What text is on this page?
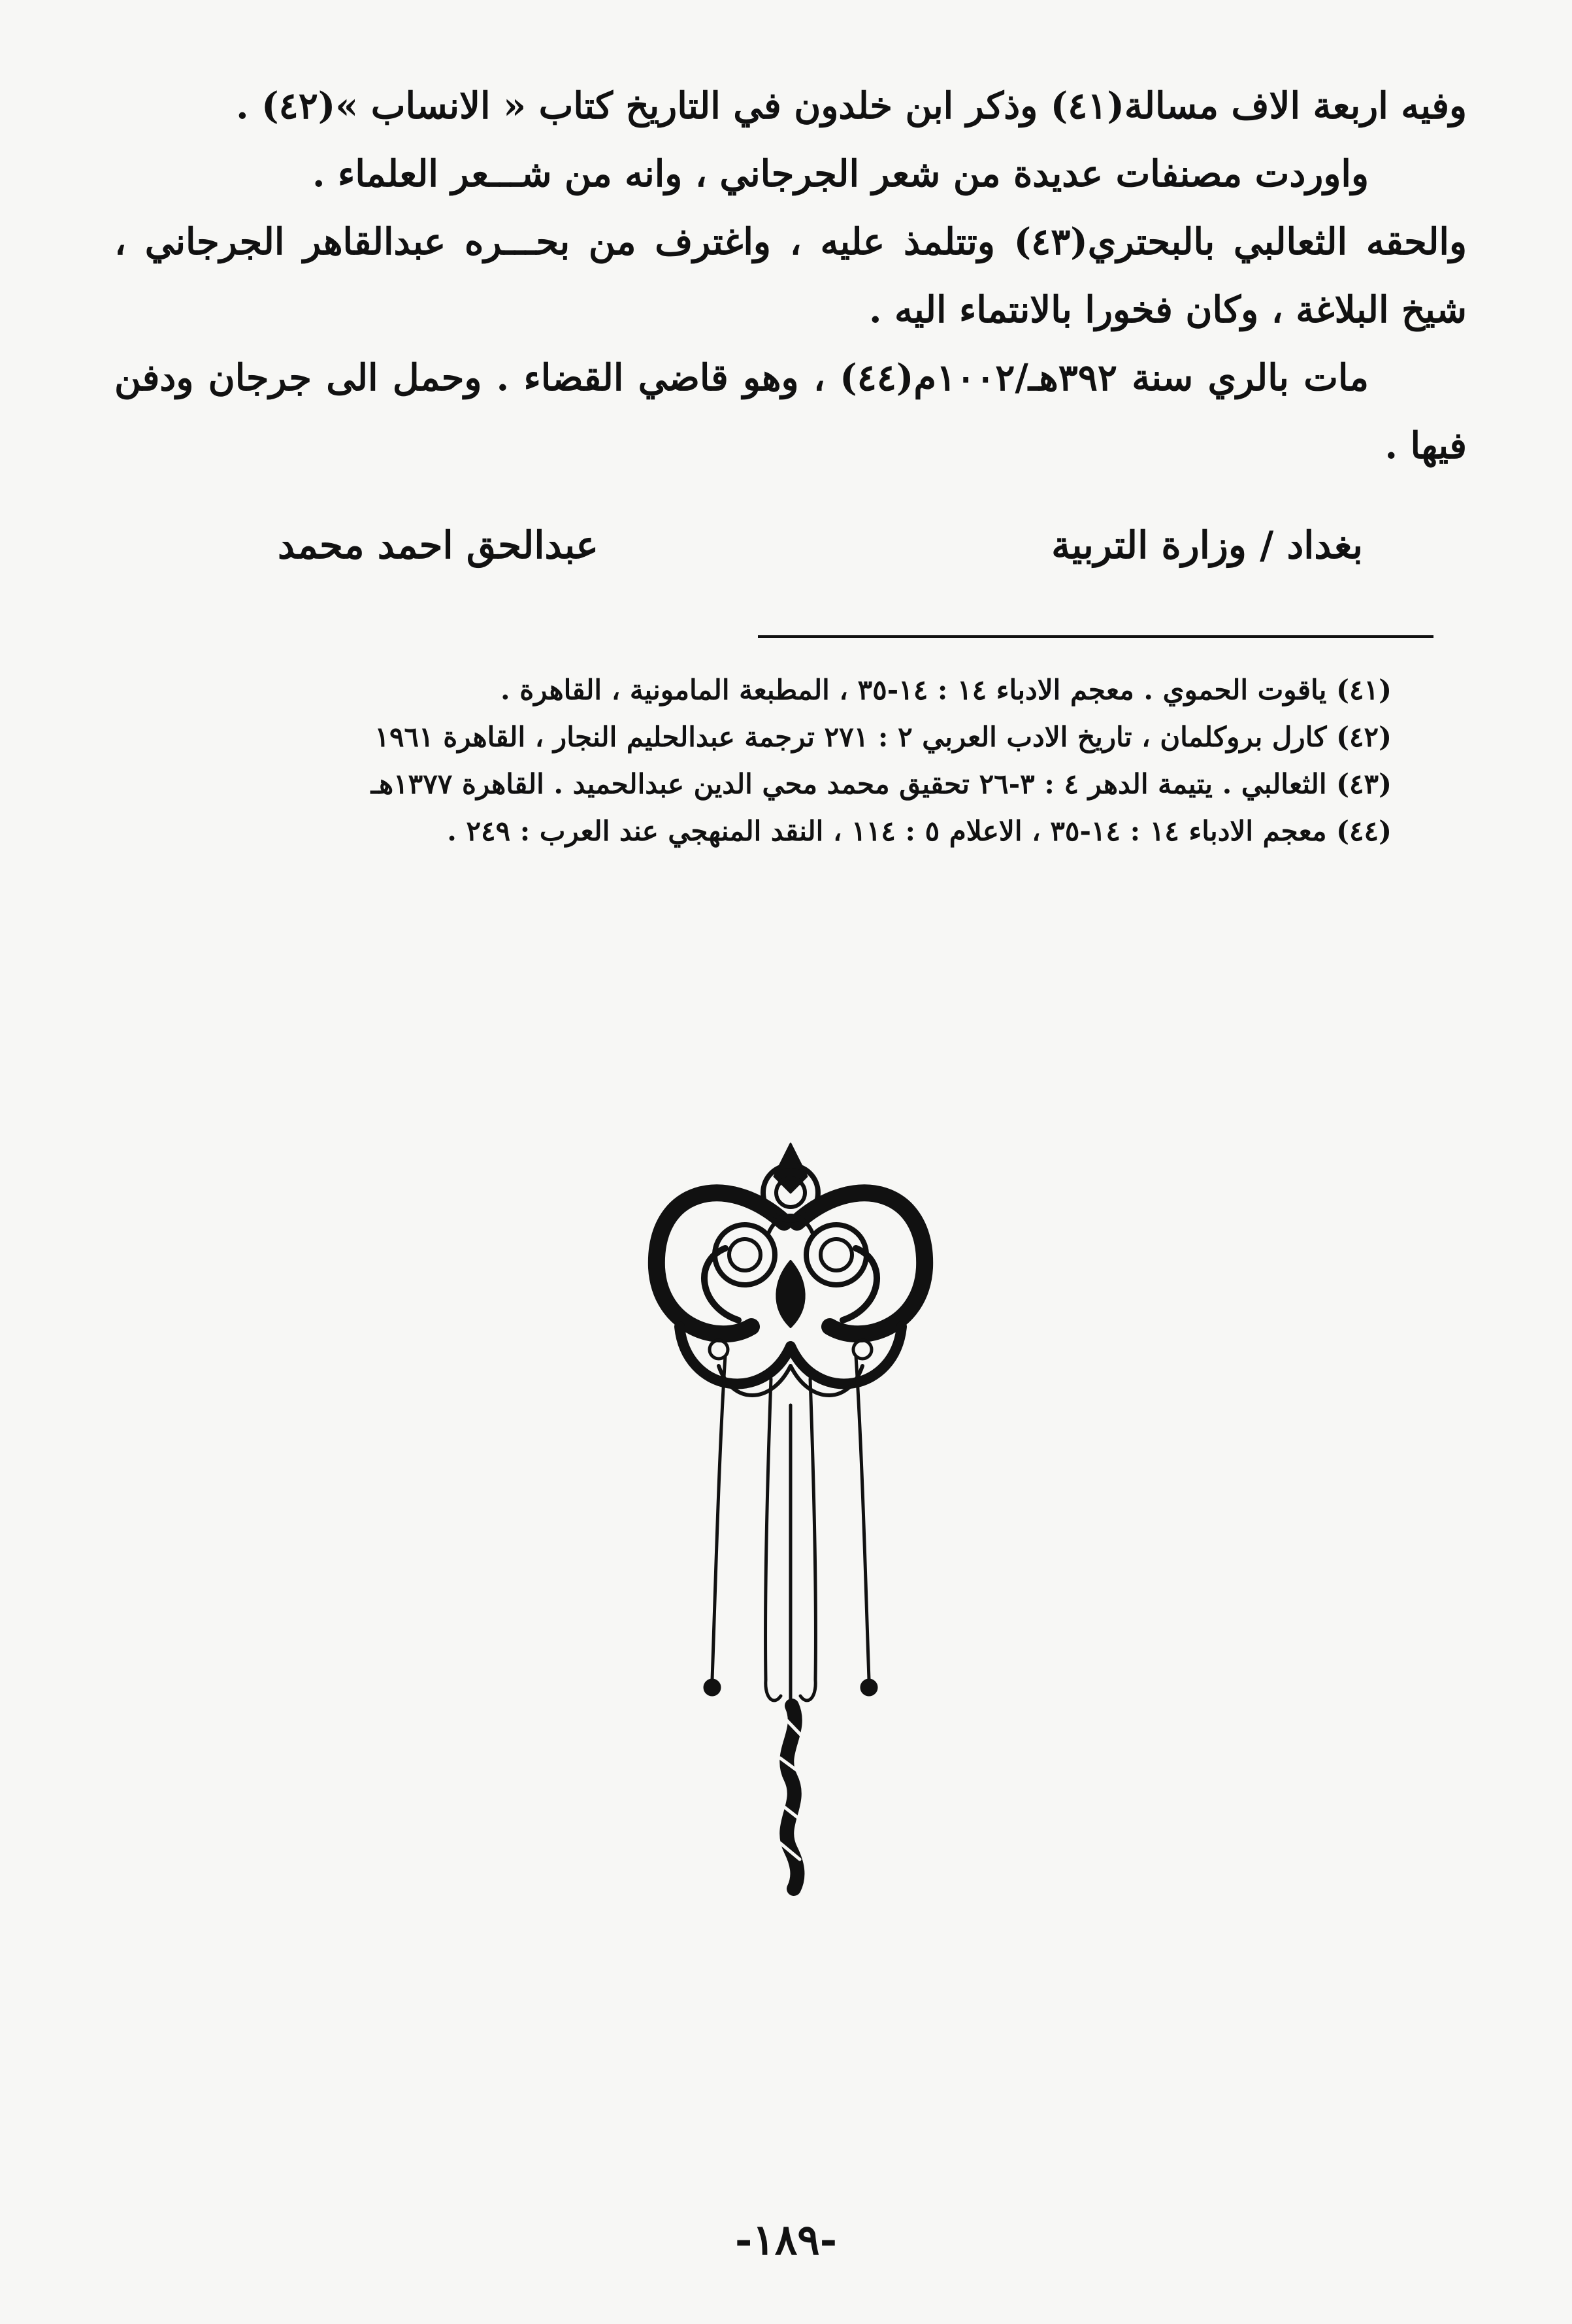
وفيه اربعة الاف مسالة(٤١) وذكر ابن خلدون في التاريخ كتاب « الانساب »(٤٢) .

واوردت مصنفات عديدة من شعر الجرجاني ، وانه من شـــعر العلماء .

والحقه الثعالبي بالبحتري(٤٣) وتتلمذ عليه ، واغترف من بحـــره عبدالقاهر الجرجاني ، شيخ البلاغة ، وكان فخورا بالانتماء اليه .

مات بالري سنة ٣٩٢هـ/١٠٠٢م(٤٤) ، وهو قاضي القضاء . وحمل الى جرجان ودفن فيها .

بغداد / وزارة التربية
عبدالحق احمد محمد
(٤١) ياقوت الحموي . معجم الادباء ١٤ : ١٤-٣٥ ، المطبعة المامونية ، القاهرة .
(٤٢) كارل بروكلمان ، تاريخ الادب العربي ٢ : ٢٧١ ترجمة عبدالحليم النجار ، القاهرة ١٩٦١
(٤٣) الثعالبي . يتيمة الدهر ٤ : ٣-٢٦ تحقيق محمد محي الدين عبدالحميد . القاهرة ١٣٧٧هـ
(٤٤) معجم الادباء ١٤ : ١٤-٣٥ ، الاعلام ٥ : ١١٤ ، النقد المنهجي عند العرب : ٢٤٩ .
-١٨٩-
